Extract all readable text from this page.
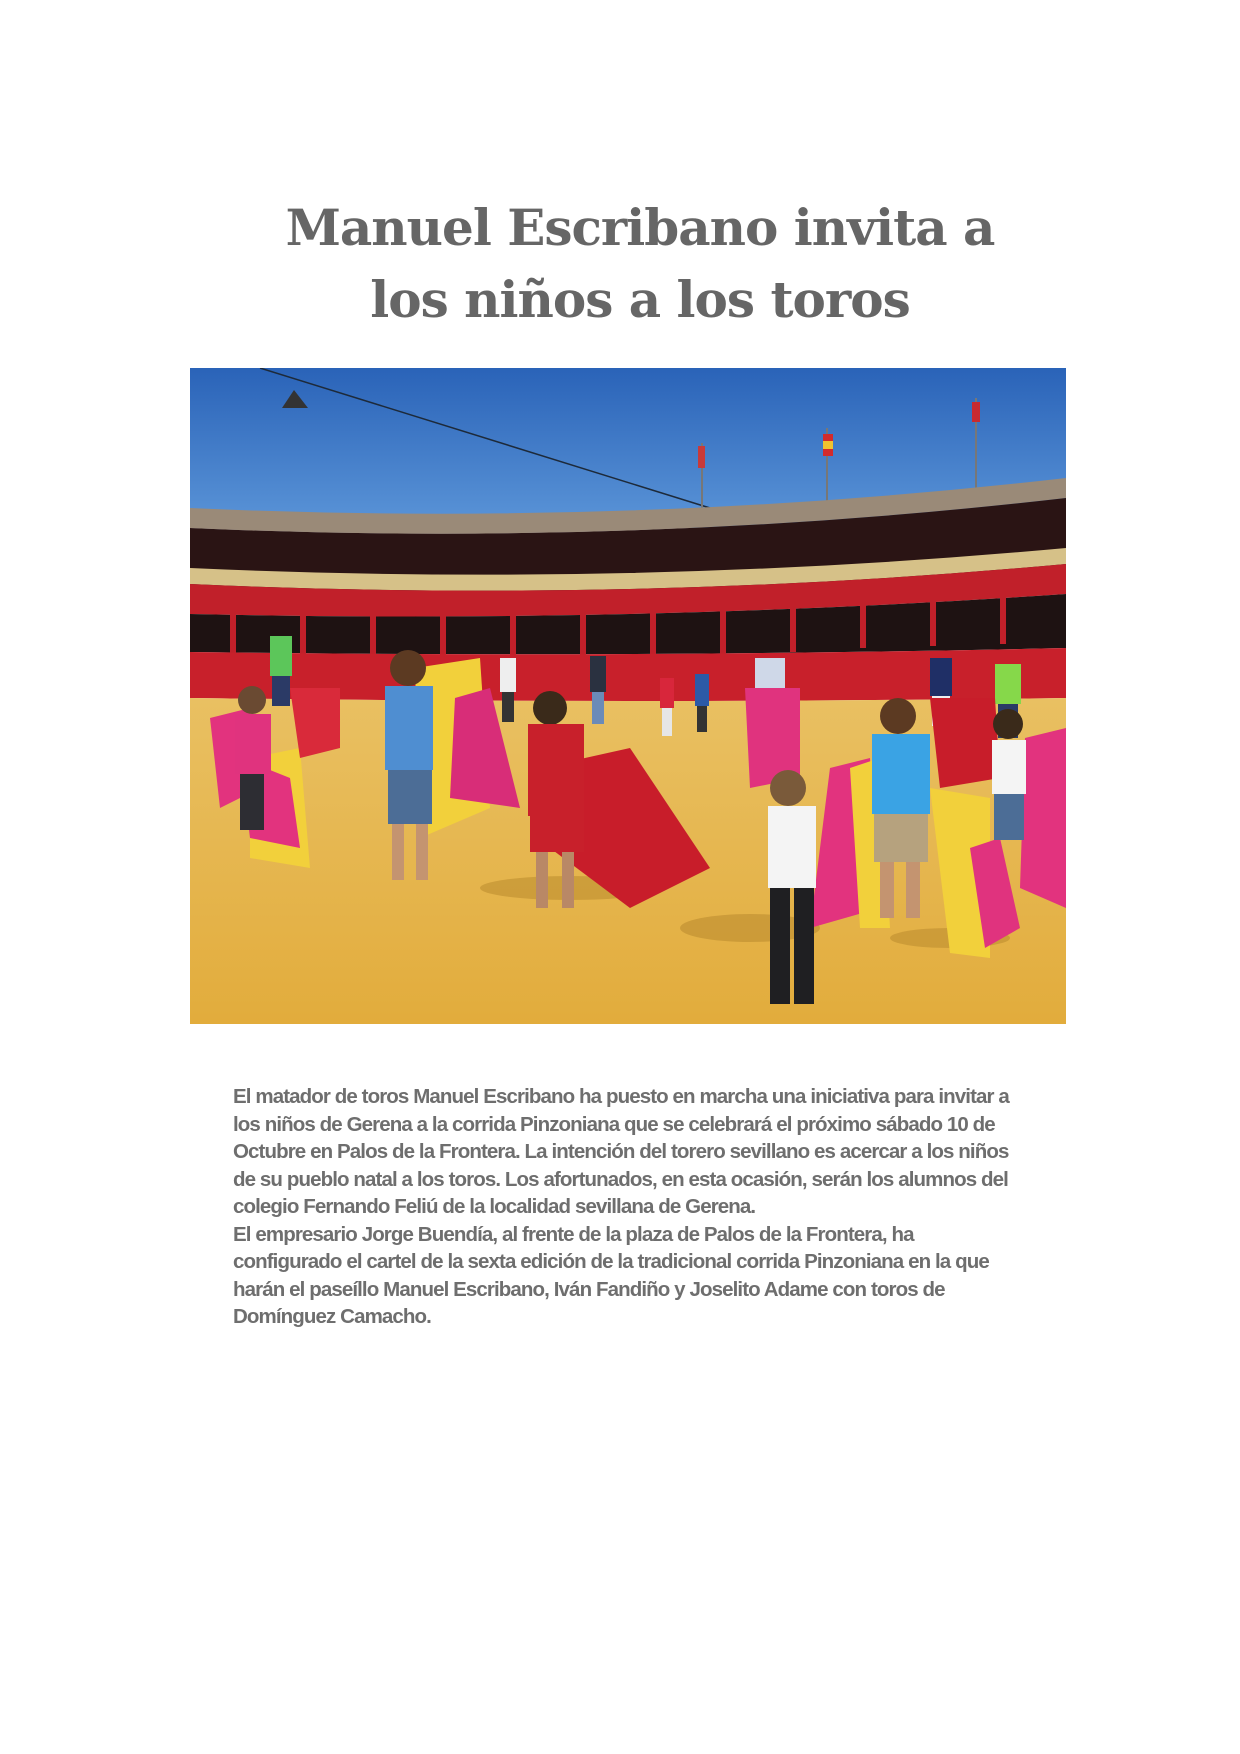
Manuel Escribano invita a
los niños a los toros

El matador de toros Manuel Escribano ha puesto en marcha una iniciativa para invitar a los niños de Gerena a la corrida Pinzoniana que se celebrará el próximo sábado 10 de Octubre en Palos de la Frontera. La intención del torero sevillano es acercar a los niños de su pueblo natal a los toros. Los afortunados, en esta ocasión, serán los alumnos del colegio Fernando Feliú de la localidad sevillana de Gerena.

El empresario Jorge Buendía, al frente de la plaza de Palos de la Frontera, ha configurado el cartel de la sexta edición de la tradicional corrida Pinzoniana en la que harán el paseíllo Manuel Escribano, Iván Fandiño y Joselito Adame con toros de Domínguez Camacho.
